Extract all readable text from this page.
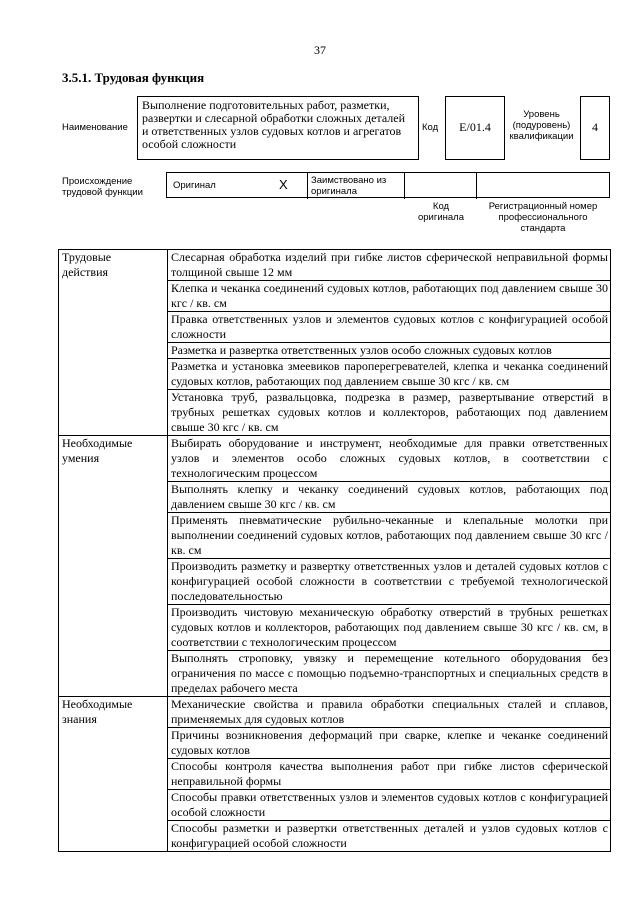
37
3.5.1. Трудовая функция
Наименование
Выполнение подготовительных работ, разметки, развертки и слесарной обработки сложных деталей и ответственных узлов судовых котлов и агрегатов особой сложности
Код	E/01.4
Уровень
(подуровень)
квалификации
4
Происхождение
трудовой функции
Оригинал	X Заимствовано из
оригинала
Код
оригинала
Регистрационный номер
профессионального
стандарта
Трудовые
действия	Слесарная обработка изделий при гибке листов сферической неправильной формы толщиной свыше 12 мм
	Клепка и чеканка соединений судовых котлов, работающих под давлением свыше 30 кгс / кв. см
	Правка ответственных узлов и элементов судовых котлов с конфигурацией особой сложности
	Разметка и развертка ответственных узлов особо сложных судовых котлов
	Разметка и установка змеевиков пароперегревателей, клепка и чеканка соединений судовых котлов, работающих под давлением свыше 30 кгс / кв. см
	Установка труб, развальцовка, подрезка в размер, развертывание отверстий в трубных решетках судовых котлов и коллекторов, работающих под давлением свыше 30 кгс / кв. см

Необходимые
умения	Выбирать оборудование и инструмент, необходимые для правки ответственных узлов и элементов особо сложных судовых котлов, в соответствии с технологическим процессом
	Выполнять клепку и чеканку соединений судовых котлов, работающих под давлением свыше 30 кгс / кв. см
	Применять пневматические рубильно-чеканные и клепальные молотки при выполнении соединений судовых котлов, работающих под давлением свыше 30 кгс / кв. см
	Производить разметку и развертку ответственных узлов и деталей судовых котлов с конфигурацией особой сложности в соответствии с требуемой технологической последовательностью
	Производить чистовую механическую обработку отверстий в трубных решетках судовых котлов и коллекторов, работающих под давлением свыше 30 кгс / кв. см, в соответствии с технологическим процессом
	Выполнять строповку, увязку и перемещение котельного оборудования без ограничения по массе с помощью подъемно-транспортных и специальных средств в пределах рабочего места

Необходимые
знания	Механические свойства и правила обработки специальных сталей и сплавов, применяемых для судовых котлов
	Причины возникновения деформаций при сварке, клепке и чеканке соединений судовых котлов
	Способы контроля качества выполнения работ при гибке листов сферической неправильной формы
	Способы правки ответственных узлов и элементов судовых котлов с конфигурацией особой сложности
	Способы разметки и развертки ответственных деталей и узлов судовых котлов с конфигурацией особой сложности
